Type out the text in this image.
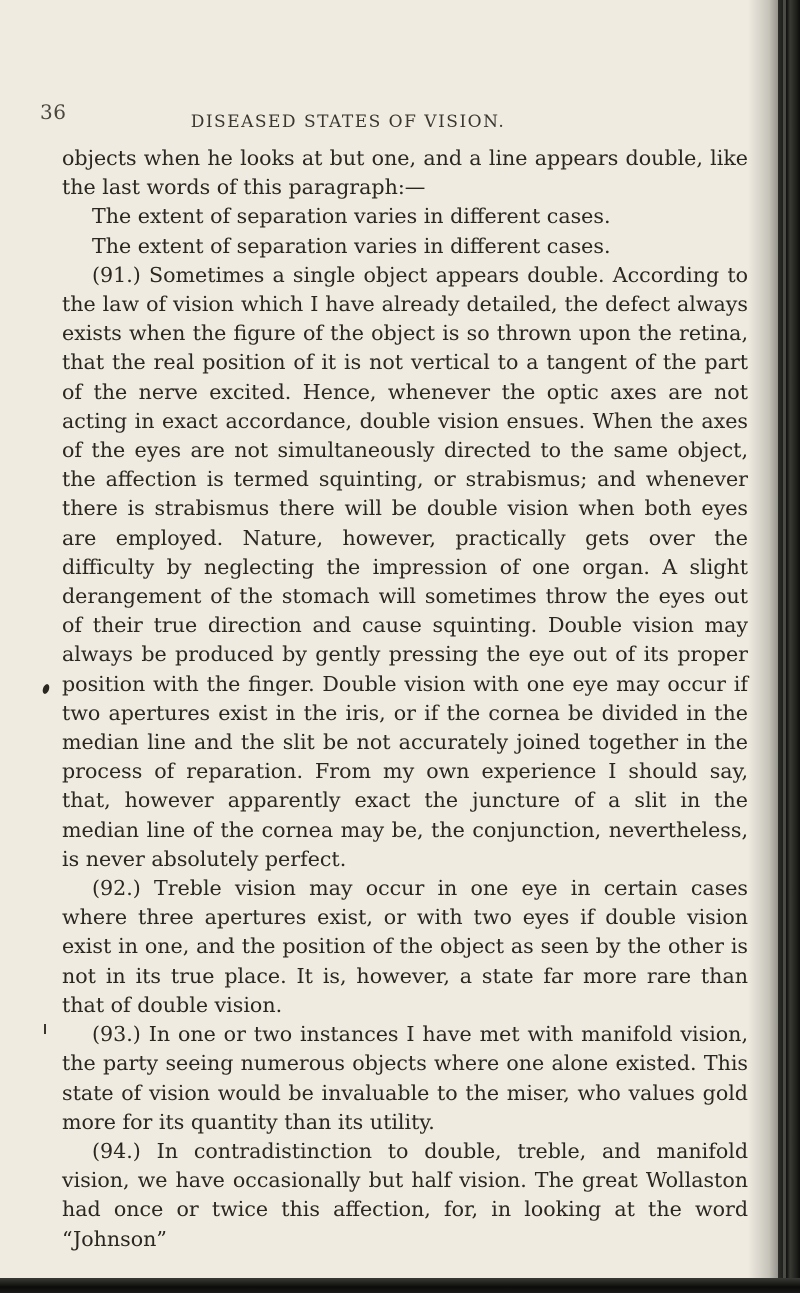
36	DISEASED STATES OF VISION.

objects when he looks at but one, and a line appears double, like the last words of this paragraph:—

The extent of separation varies in different cases.

The extent of separation varies in different cases.

(91.) Sometimes a single object appears double. According to the law of vision which I have already detailed, the defect always exists when the figure of the object is so thrown upon the retina, that the real position of it is not vertical to a tangent of the part of the nerve excited. Hence, whenever the optic axes are not acting in exact accordance, double vision ensues. When the axes of the eyes are not simultaneously directed to the same object, the affection is termed squinting, or strabismus; and whenever there is strabismus there will be double vision when both eyes are employed. Nature, however, practically gets over the difficulty by neglecting the impression of one organ. A slight derangement of the stomach will sometimes throw the eyes out of their true direction and cause squinting. Double vision may always be produced by gently pressing the eye out of its proper position with the finger. Double vision with one eye may occur if two apertures exist in the iris, or if the cornea be divided in the median line and the slit be not accurately joined together in the process of reparation. From my own experience I should say, that, however apparently exact the juncture of a slit in the median line of the cornea may be, the conjunction, nevertheless, is never absolutely perfect.

(92.) Treble vision may occur in one eye in certain cases where three apertures exist, or with two eyes if double vision exist in one, and the position of the object as seen by the other is not in its true place. It is, however, a state far more rare than that of double vision.

(93.) In one or two instances I have met with manifold vision, the party seeing numerous objects where one alone existed. This state of vision would be invaluable to the miser, who values gold more for its quantity than its utility.

(94.) In contradistinction to double, treble, and manifold vision, we have occasionally but half vision. The great Wollaston had once or twice this affection, for, in looking at the word “Johnson”
